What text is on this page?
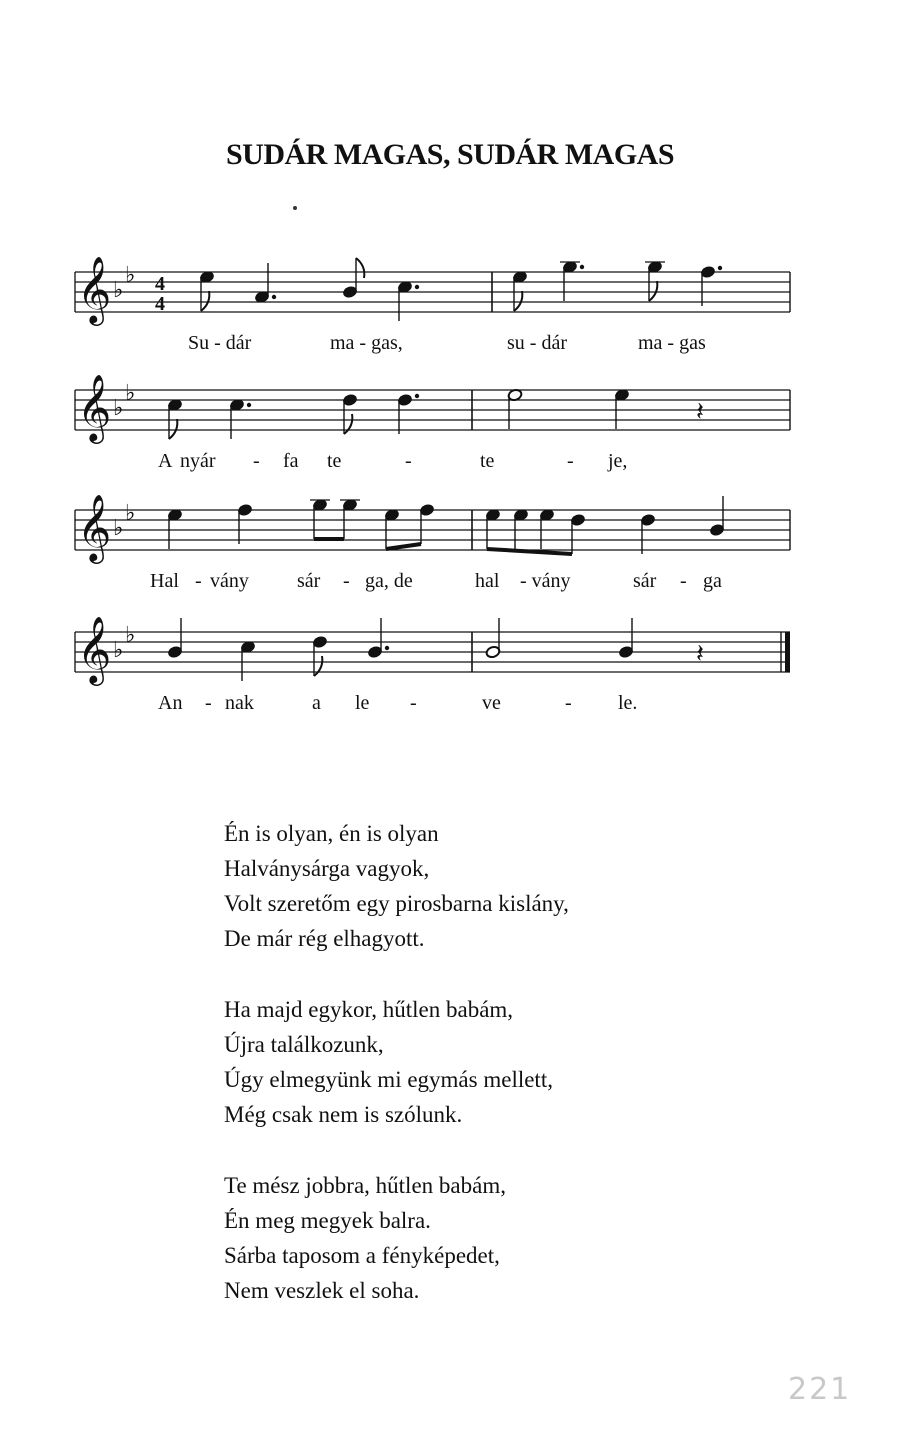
SUDÁR MAGAS, SUDÁR MAGAS
𝄞 ♭
♭ 4
4
𝄞 ♭
♭
𝄽
𝄞 ♭
♭
𝄞 ♭
♭
𝄽
Su - dár	ma - gas,	su - dár	ma - gas
A nyár - fa te	-	te	- je,
Hal - vány sár - ga, de	hal - vány	sár - ga
An - nak	a le -	ve	- le.
Én is olyan, én is olyan
Halványsárga vagyok,
Volt szeretőm egy pirosbarna kislány,
De már rég elhagyott.
Ha majd egykor, hűtlen babám,
Újra találkozunk,
Úgy elmegyünk mi egymás mellett,
Még csak nem is szólunk.
Te mész jobbra, hűtlen babám,
Én meg megyek balra.
Sárba taposom a fényképedet,
Nem veszlek el soha.
221
